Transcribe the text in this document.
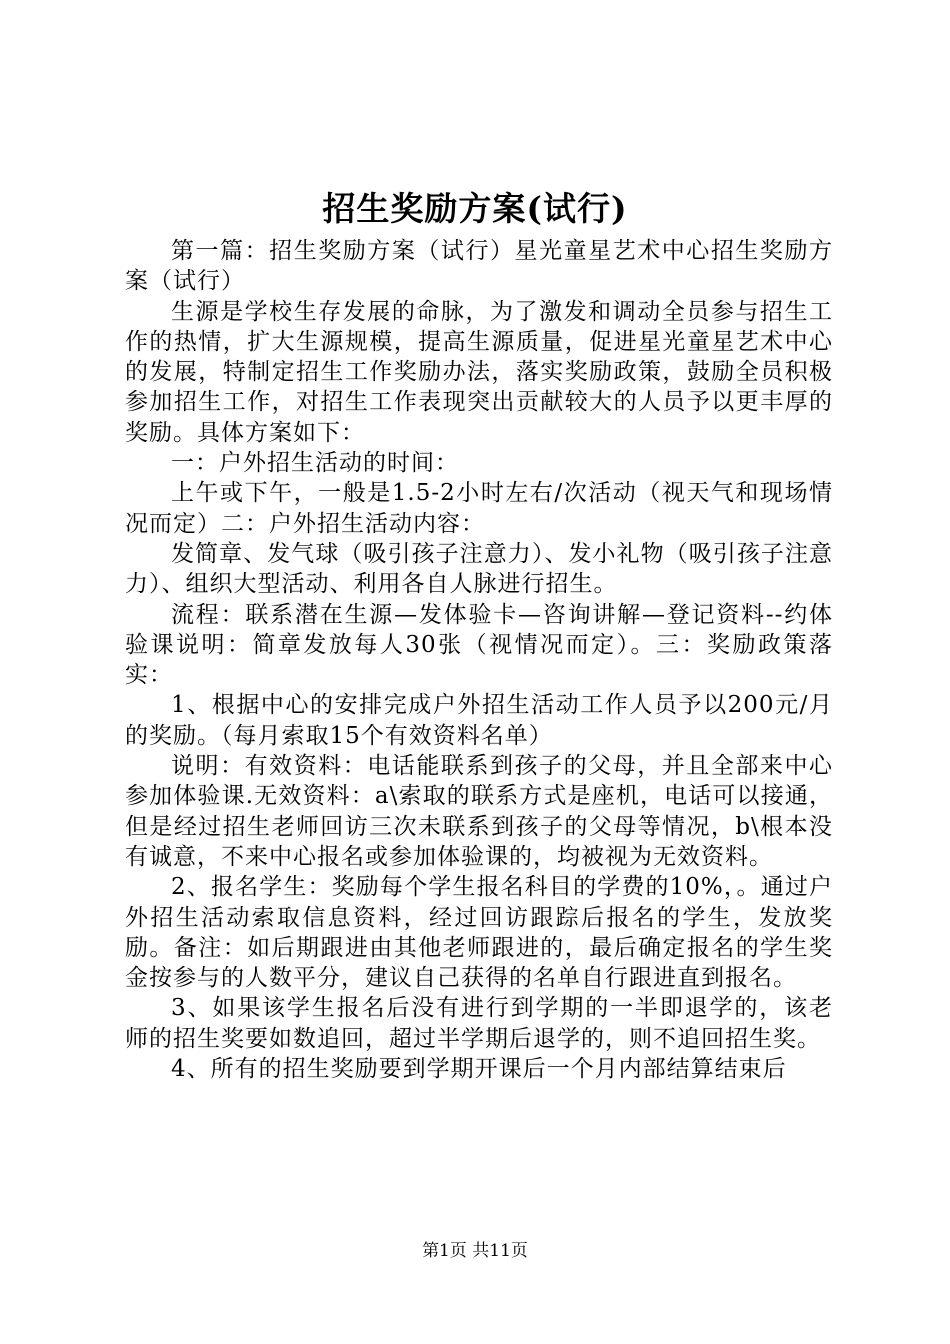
招生奖励方案(试行)

第一篇：招生奖励方案（试行）星光童星艺术中心招生奖励方案（试行）

生源是学校生存发展的命脉，为了激发和调动全员参与招生工作的热情，扩大生源规模，提高生源质量，促进星光童星艺术中心的发展，特制定招生工作奖励办法，落实奖励政策，鼓励全员积极参加招生工作，对招生工作表现突出贡献较大的人员予以更丰厚的奖励。具体方案如下：

一：户外招生活动的时间：

上午或下午，一般是1.5-2小时左右/次活动（视天气和现场情况而定）二：户外招生活动内容：

发简章、发气球（吸引孩子注意力）、发小礼物（吸引孩子注意力）、组织大型活动、利用各自人脉进行招生。

流程：联系潜在生源—发体验卡—咨询讲解—登记资料--约体验课说明：简章发放每人30张（视情况而定）。三：奖励政策落实：

1、根据中心的安排完成户外招生活动工作人员予以200元/月的奖励。（每月索取15个有效资料名单）

说明：有效资料：电话能联系到孩子的父母，并且全部来中心参加体验课.无效资料：a\索取的联系方式是座机，电话可以接通，但是经过招生老师回访三次未联系到孩子的父母等情况，b\根本没有诚意，不来中心报名或参加体验课的，均被视为无效资料。

2、报名学生：奖励每个学生报名科目的学费的10%，。通过户外招生活动索取信息资料，经过回访跟踪后报名的学生，发放奖励。备注：如后期跟进由其他老师跟进的，最后确定报名的学生奖金按参与的人数平分，建议自己获得的名单自行跟进直到报名。

3、如果该学生报名后没有进行到学期的一半即退学的，该老师的招生奖要如数追回，超过半学期后退学的，则不追回招生奖。

4、所有的招生奖励要到学期开课后一个月内部结算结束后

第1页 共11页
